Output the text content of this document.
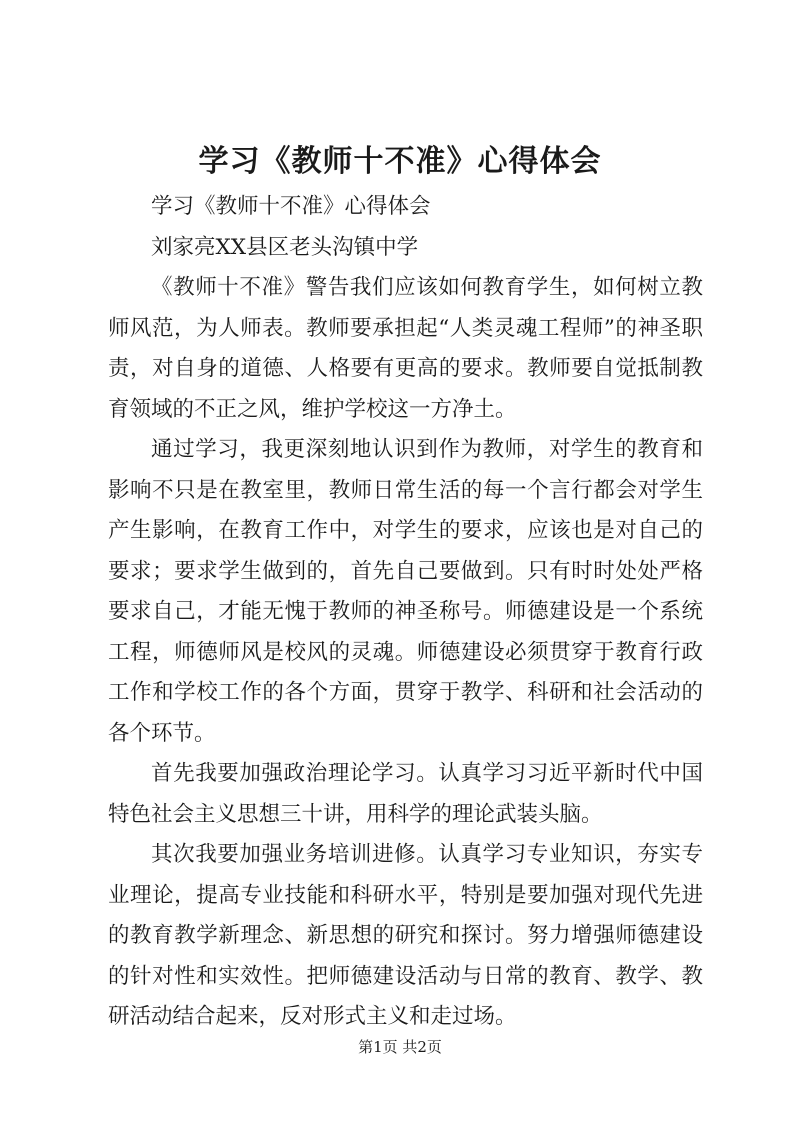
学习《教师十不准》心得体会

学习《教师十不准》心得体会

刘家亮XX县区老头沟镇中学

《教师十不准》警告我们应该如何教育学生，如何树立教师风范，为人师表。教师要承担起“人类灵魂工程师”的神圣职责，对自身的道德、人格要有更高的要求。教师要自觉抵制教育领域的不正之风，维护学校这一方净土。

通过学习，我更深刻地认识到作为教师，对学生的教育和影响不只是在教室里，教师日常生活的每一个言行都会对学生产生影响，在教育工作中，对学生的要求，应该也是对自己的要求；要求学生做到的，首先自己要做到。只有时时处处严格要求自己，才能无愧于教师的神圣称号。师德建设是一个系统工程，师德师风是校风的灵魂。师德建设必须贯穿于教育行政工作和学校工作的各个方面，贯穿于教学、科研和社会活动的各个环节。

首先我要加强政治理论学习。认真学习习近平新时代中国特色社会主义思想三十讲，用科学的理论武装头脑。

其次我要加强业务培训进修。认真学习专业知识，夯实专业理论，提高专业技能和科研水平，特别是要加强对现代先进的教育教学新理念、新思想的研究和探讨。努力增强师德建设的针对性和实效性。把师德建设活动与日常的教育、教学、教研活动结合起来，反对形式主义和走过场。

第1页 共2页
